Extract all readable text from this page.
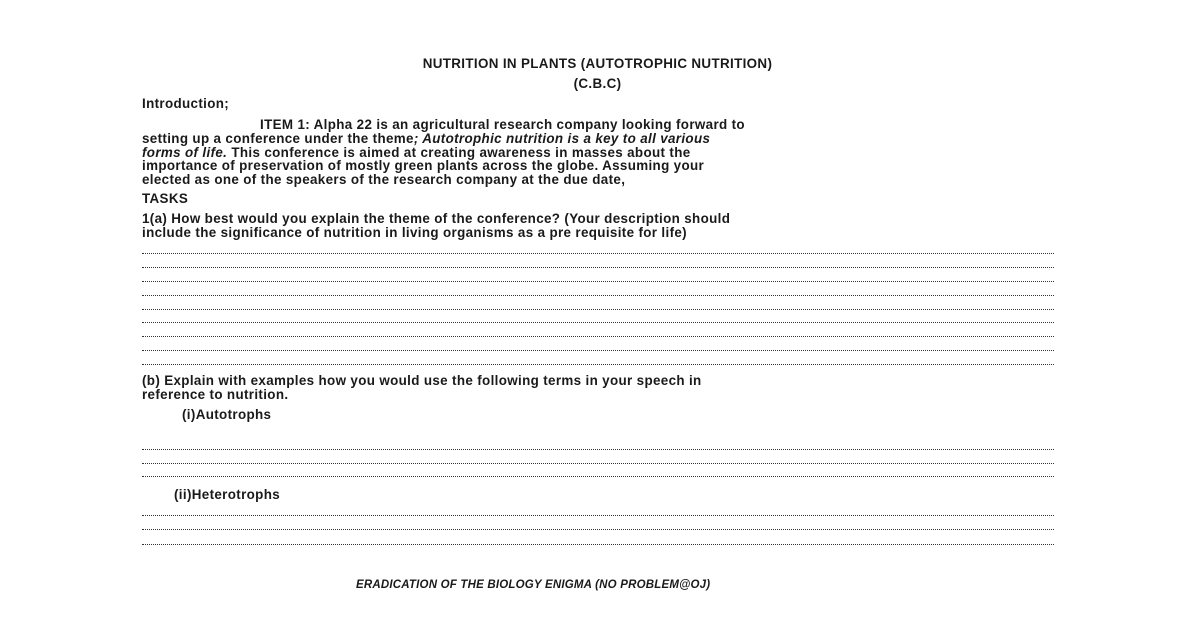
NUTRITION IN PLANTS (AUTOTROPHIC NUTRITION)
(C.B.C)
Introduction;
ITEM 1: Alpha 22 is an agricultural research company looking forward to
setting up a conference under the theme; Autotrophic nutrition is a key to all various
forms of life. This conference is aimed at creating awareness in masses about the
importance of preservation of mostly green plants across the globe. Assuming your
elected as one of the speakers of the research company at the due date,
TASKS
1(a) How best would you explain the theme of the conference? (Your description should
include the significance of nutrition in living organisms as a pre requisite for life)
(b) Explain with examples how you would use the following terms in your speech in
reference to nutrition.
(i)Autotrophs
(ii)Heterotrophs
ERADICATION OF THE BIOLOGY ENIGMA (NO PROBLEM@OJ)
